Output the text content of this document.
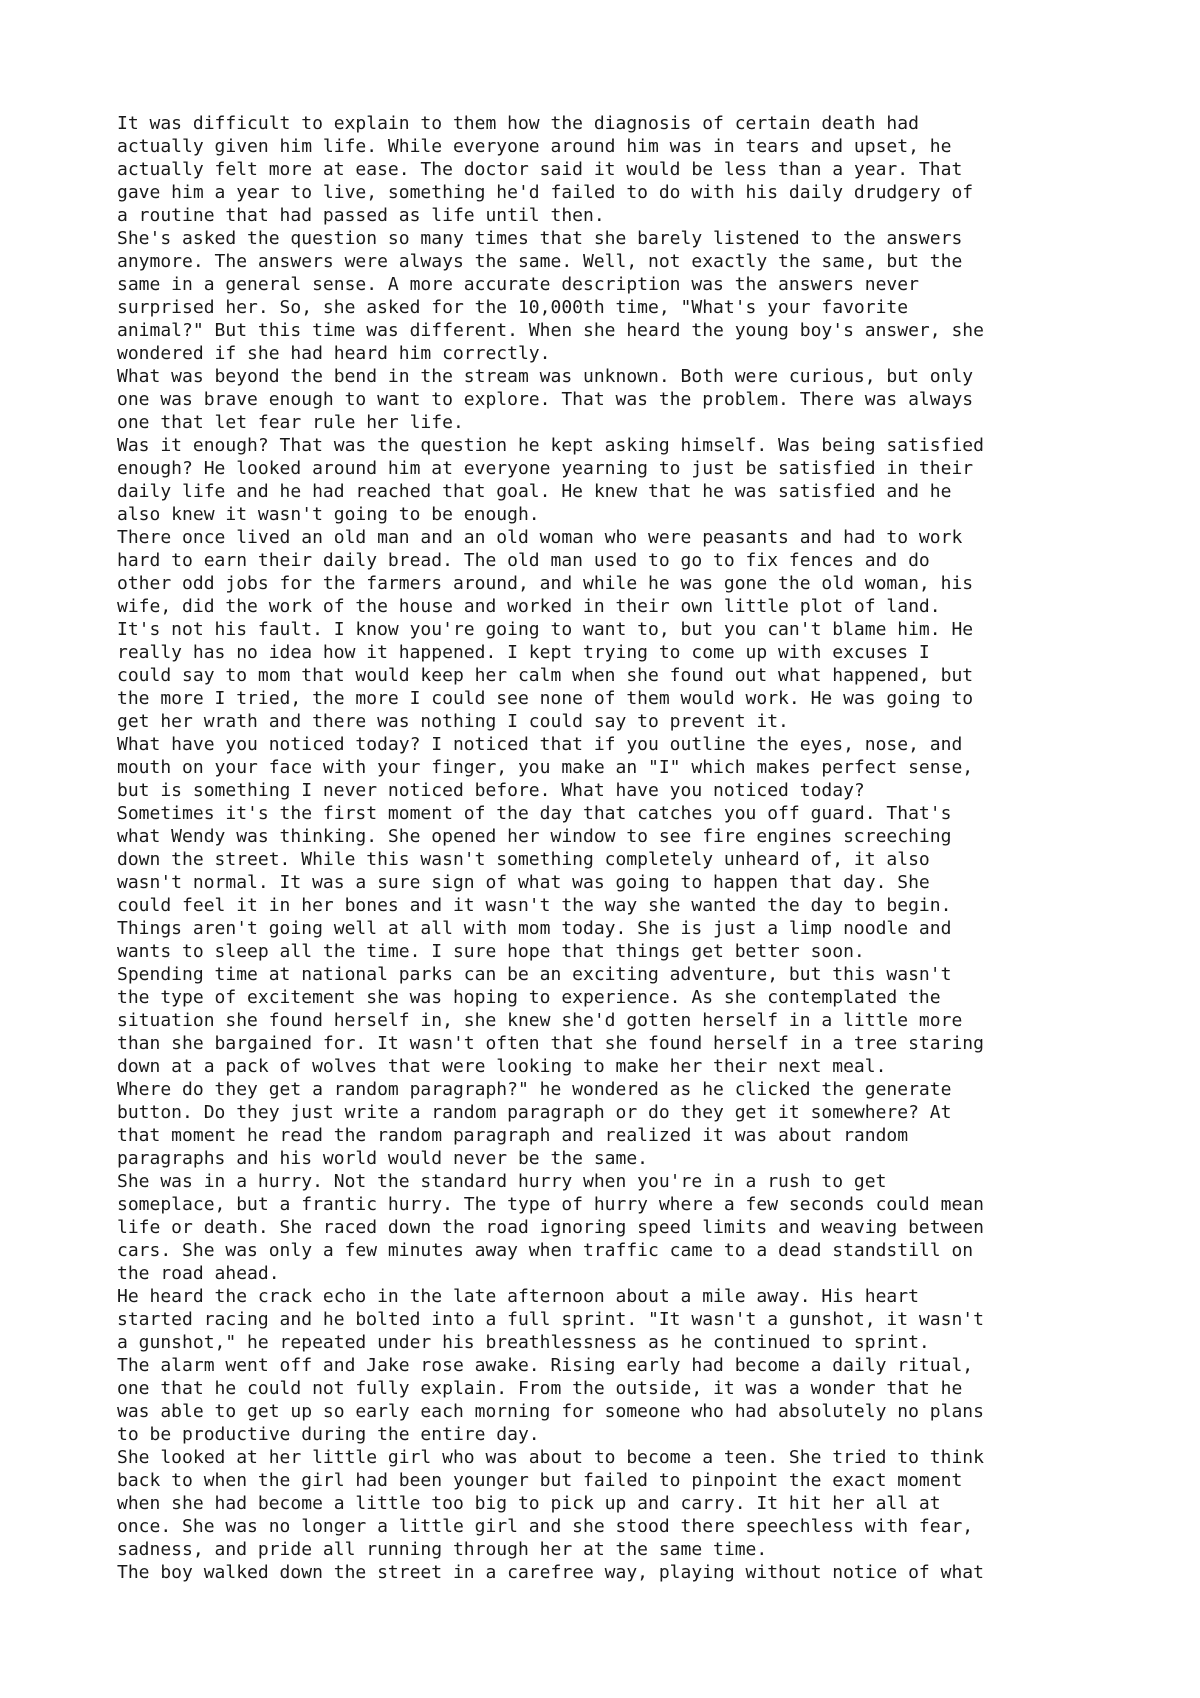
It was difficult to explain to them how the diagnosis of certain death had
actually given him life. While everyone around him was in tears and upset, he
actually felt more at ease. The doctor said it would be less than a year. That
gave him a year to live, something he'd failed to do with his daily drudgery of
a routine that had passed as life until then.
She's asked the question so many times that she barely listened to the answers
anymore. The answers were always the same. Well, not exactly the same, but the
same in a general sense. A more accurate description was the answers never
surprised her. So, she asked for the 10,000th time, "What's your favorite
animal?" But this time was different. When she heard the young boy's answer, she
wondered if she had heard him correctly.
What was beyond the bend in the stream was unknown. Both were curious, but only
one was brave enough to want to explore. That was the problem. There was always
one that let fear rule her life.
Was it enough? That was the question he kept asking himself. Was being satisfied
enough? He looked around him at everyone yearning to just be satisfied in their
daily life and he had reached that goal. He knew that he was satisfied and he
also knew it wasn't going to be enough.
There once lived an old man and an old woman who were peasants and had to work
hard to earn their daily bread. The old man used to go to fix fences and do
other odd jobs for the farmers around, and while he was gone the old woman, his
wife, did the work of the house and worked in their own little plot of land.
It's not his fault. I know you're going to want to, but you can't blame him. He
really has no idea how it happened. I kept trying to come up with excuses I
could say to mom that would keep her calm when she found out what happened, but
the more I tried, the more I could see none of them would work. He was going to
get her wrath and there was nothing I could say to prevent it.
What have you noticed today? I noticed that if you outline the eyes, nose, and
mouth on your face with your finger, you make an "I" which makes perfect sense,
but is something I never noticed before. What have you noticed today?
Sometimes it's the first moment of the day that catches you off guard. That's
what Wendy was thinking. She opened her window to see fire engines screeching
down the street. While this wasn't something completely unheard of, it also
wasn't normal. It was a sure sign of what was going to happen that day. She
could feel it in her bones and it wasn't the way she wanted the day to begin.
Things aren't going well at all with mom today. She is just a limp noodle and
wants to sleep all the time. I sure hope that things get better soon.
Spending time at national parks can be an exciting adventure, but this wasn't
the type of excitement she was hoping to experience. As she contemplated the
situation she found herself in, she knew she'd gotten herself in a little more
than she bargained for. It wasn't often that she found herself in a tree staring
down at a pack of wolves that were looking to make her their next meal.
Where do they get a random paragraph?" he wondered as he clicked the generate
button. Do they just write a random paragraph or do they get it somewhere? At
that moment he read the random paragraph and realized it was about random
paragraphs and his world would never be the same.
She was in a hurry. Not the standard hurry when you're in a rush to get
someplace, but a frantic hurry. The type of hurry where a few seconds could mean
life or death. She raced down the road ignoring speed limits and weaving between
cars. She was only a few minutes away when traffic came to a dead standstill on
the road ahead.
He heard the crack echo in the late afternoon about a mile away. His heart
started racing and he bolted into a full sprint. "It wasn't a gunshot, it wasn't
a gunshot," he repeated under his breathlessness as he continued to sprint.
The alarm went off and Jake rose awake. Rising early had become a daily ritual,
one that he could not fully explain. From the outside, it was a wonder that he
was able to get up so early each morning for someone who had absolutely no plans
to be productive during the entire day.
She looked at her little girl who was about to become a teen. She tried to think
back to when the girl had been younger but failed to pinpoint the exact moment
when she had become a little too big to pick up and carry. It hit her all at
once. She was no longer a little girl and she stood there speechless with fear,
sadness, and pride all running through her at the same time.
The boy walked down the street in a carefree way, playing without notice of what
